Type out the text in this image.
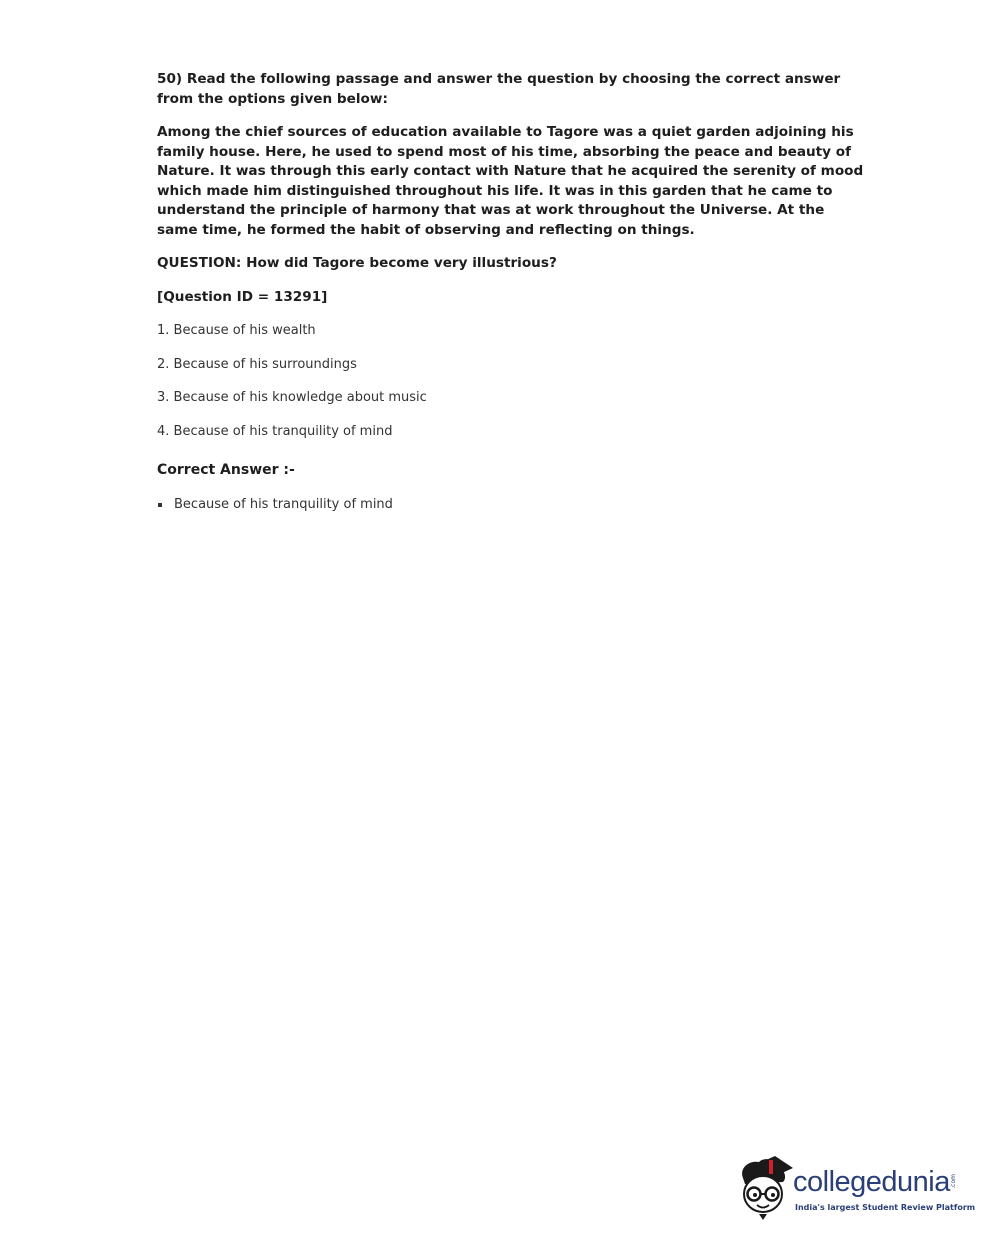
50) Read the following passage and answer the question by choosing the correct answer from the options given below:

Among the chief sources of education available to Tagore was a quiet garden adjoining his family house. Here, he used to spend most of his time, absorbing the peace and beauty of Nature. It was through this early contact with Nature that he acquired the serenity of mood which made him distinguished throughout his life. It was in this garden that he came to understand the principle of harmony that was at work throughout the Universe. At the same time, he formed the habit of observing and reflecting on things.

QUESTION: How did Tagore become very illustrious?

[Question ID = 13291]

1. Because of his wealth
2. Because of his surroundings
3. Because of his knowledge about music
4. Because of his tranquility of mind

Correct Answer :-

Because of his tranquility of mind
collegedunia .com
India's largest Student Review Platform
